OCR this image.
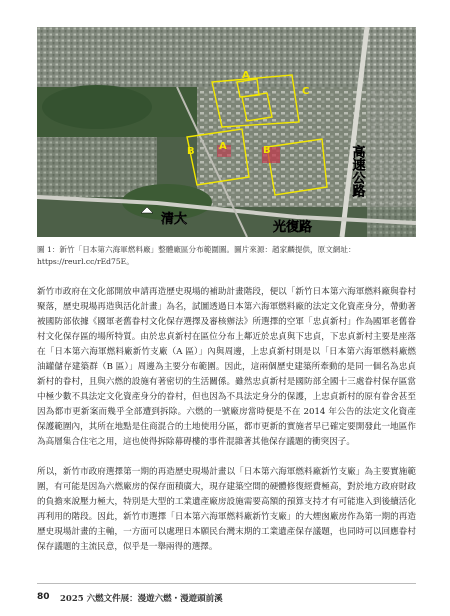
A
B
C
B
A	高速公路
清大
光復路
圖 1：新竹「日本第六海軍燃料廠」整體廠區分布範圍圖。圖片來源：趙家麟提供，原文網址：https://reurl.cc/rEd75E。
新竹市政府在文化部開放申請再造歷史現場的補助計畫階段，便以「新竹日本第六海軍燃料廠與眷村聚落，歷史現場再造與活化計畫」為名，試圖透過日本第六海軍燃料廠的法定文化資產身分，帶動著被國防部依據《國軍老舊眷村文化保存選擇及審核辦法》所選擇的空軍「忠貞新村」作為國軍老舊眷村文化保存區的場所特質。由於忠貞新村在區位分布上鄰近於忠貞與下忠貞，下忠貞新村主要是座落在「日本第六海軍燃料廠新竹支廠（A 區）」內與周邊，上忠貞新村則是以「日本第六海軍燃料廠燃油罐儲存建築群（B 區）」周邊為主要分布範圍。因此，這兩個歷史建築所牽動的是同一個名為忠貞新村的眷村，且與六燃的設施有著密切的生活關係。雖然忠貞新村是國防部全國十三處眷村保存區當中極少數不具法定文化資產身分的眷村，但也因為不具法定身分的保護，上忠貞新村的原有眷舍甚至因為都市更新案而幾乎全部遭到拆除。六燃的一號廠房當時便是不在 2014 年公告的法定文化資產保護範圍內，其所在地點是住商混合的土地使用分區，都市更新的實施者早已確定要開發此一地區作為高層集合住宅之用，這也使得拆除幕碍樓的事件混雜著其他保存議題的衝突因子。
所以，新竹市政府選擇第一期的再造歷史現場計畫以「日本第六海軍燃料廠新竹支廠」為主要實施範圍，有可能是因為六燃廠房的保存面積廣大，現存建築空間的硬體修復經費極高，對於地方政府財政的負擔來說壓力極大，特別是大型的工業遺產廠房設施需要高額的預算支持才有可能進入到後續活化再利用的階段。因此，新竹市選擇「日本第六海軍燃料廠新竹支廠」的大煙囪廠房作為第一期的再造歷史現場計畫的主軸，一方面可以處理日本願民台灣末期的工業遺產保存議題，也同時可以回應眷村保存議題的主流民意，似乎是一舉兩得的選擇。
80 2025 六燃文件展：漫遊六燃・漫遊頭前溪
